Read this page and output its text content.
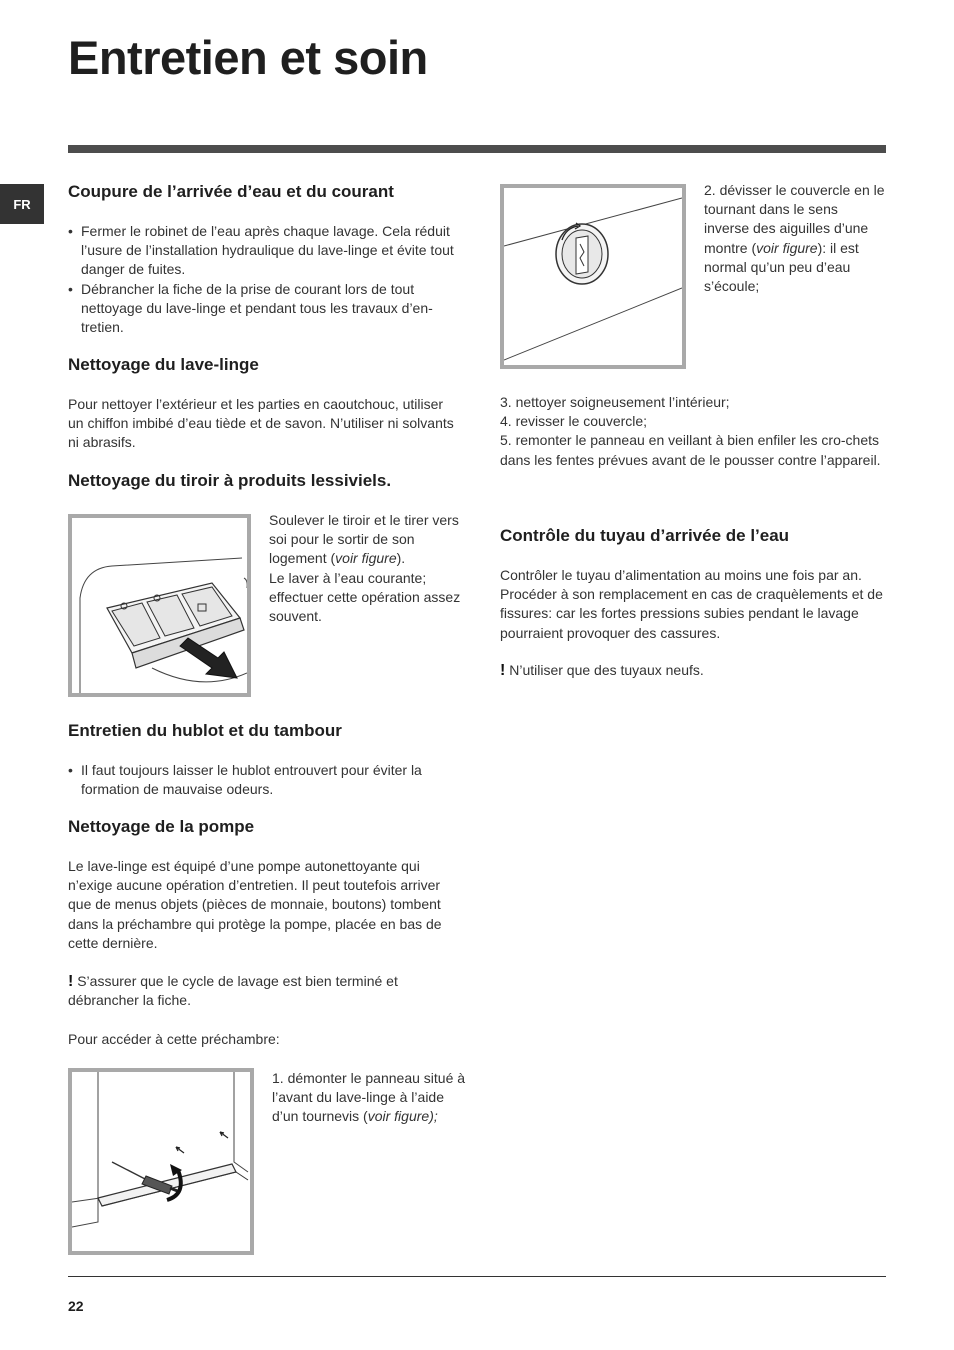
Entretien et soin
FR
Coupure de l’arrivée d’eau et du courant
• Fermer le robinet de l’eau après chaque lavage. Cela réduit l’usure de l’installation hydraulique du lave-linge et évite tout danger de fuites.
• Débrancher la fiche de la prise de courant lors de tout nettoyage du lave-linge et pendant tous les travaux d’en-tretien.
Nettoyage du lave-linge
Pour nettoyer l’extérieur et les parties en caoutchouc, utiliser un chiffon imbibé d’eau tiède et de savon. N’utiliser ni solvants ni abrasifs.
Nettoyage du tiroir à produits lessiviels.

Soulever le tiroir et le tirer vers soi pour le sortir de son logement (voir figure).

Le laver à l’eau courante; effectuer cette opération assez souvent.

Entretien du hublot et du tambour
• Il faut toujours laisser le hublot entrouvert pour éviter la formation de mauvaise odeurs.
Nettoyage de la pompe
Le lave-linge est équipé d’une pompe autonettoyante qui n’exige aucune opération d’entretien. Il peut toutefois arriver que de menus objets (pièces de monnaie, boutons) tombent dans la préchambre qui protège la pompe, placée en bas de cette dernière.
! S’assurer que le cycle de lavage est bien terminé et débrancher la fiche.
Pour accéder à cette préchambre:
1. démonter le panneau situé à l’avant du lave-linge à l’aide d’un tournevis (voir figure);
2. dévisser le couvercle en le tournant dans le sens inverse des aiguilles d’une montre (voir figure): il est normal qu’un peu d’eau s’écoule;

3. nettoyer soigneusement l’intérieur;

4. revisser le couvercle;

5. remonter le panneau en veillant à bien enfiler les cro-chets dans les fentes prévues avant de le pousser contre l’appareil.

Contrôle du tuyau d’arrivée de l’eau
Contrôler le tuyau d’alimentation au moins une fois par an. Procéder à son remplacement en cas de craquèlements et de fissures: car les fortes pressions subies pendant le lavage pourraient provoquer des cassures.
! N’utiliser que des tuyaux neufs.
22
